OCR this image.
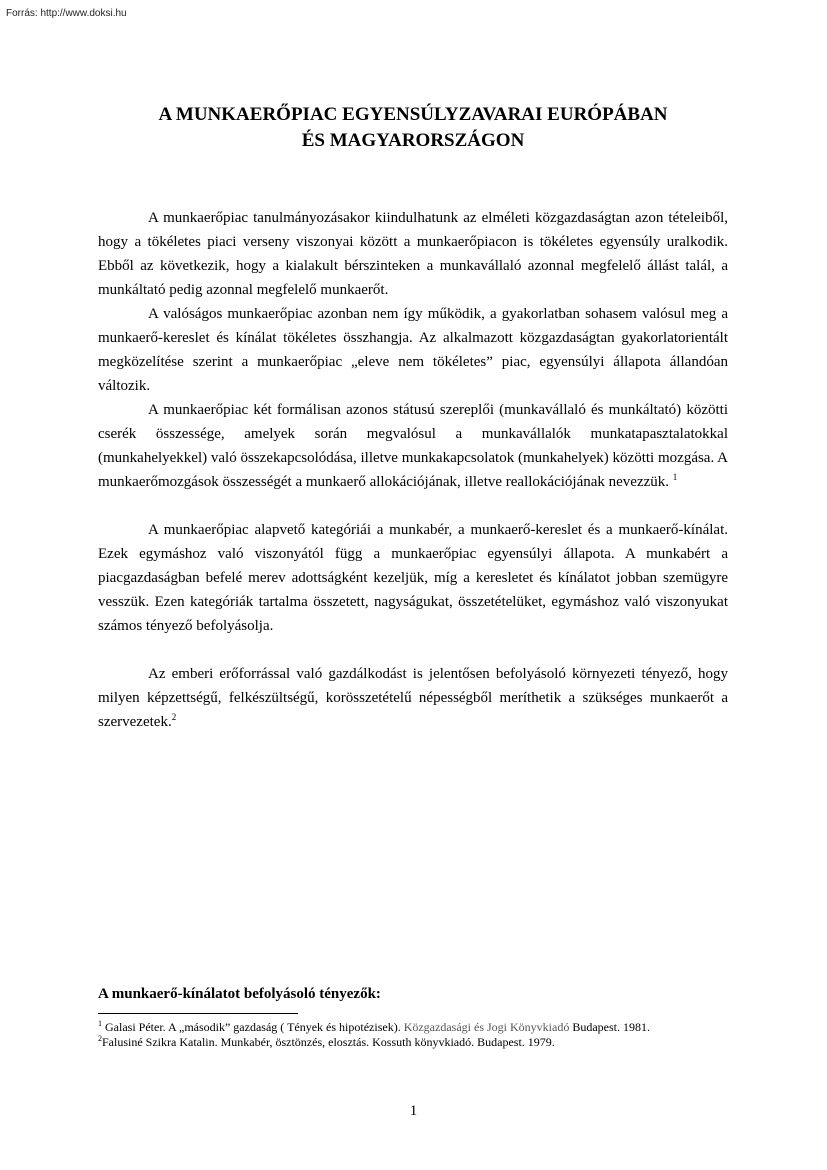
Forrás: http://www.doksi.hu
A MUNKAERŐPIAC EGYENSÚLYZAVARAI EURÓPÁBAN
ÉS MAGYARORSZÁGON

A munkaerőpiac tanulmányozásakor kiindulhatunk az elméleti közgazdaságtan azon tételeiből, hogy a tökéletes piaci verseny viszonyai között a munkaerőpiacon is tökéletes egyensúly uralkodik. Ebből az következik, hogy a kialakult bérszinteken a munkavállaló azonnal megfelelő állást talál, a munkáltató pedig azonnal megfelelő munkaerőt.

A valóságos munkaerőpiac azonban nem így működik, a gyakorlatban sohasem valósul meg a munkaerő-kereslet és kínálat tökéletes összhangja. Az alkalmazott közgazdaságtan gyakorlatorientált megközelítése szerint a munkaerőpiac „eleve nem tökéletes” piac, egyensúlyi állapota állandóan változik.

A munkaerőpiac két formálisan azonos státusú szereplői (munkavállaló és munkáltató) közötti cserék összessége, amelyek során megvalósul a munkavállalók munkatapasztalatokkal (munkahelyekkel) való összekapcsolódása, illetve munkakapcsolatok (munkahelyek) közötti mozgása. A munkaerőmozgások összességét a munkaerő allokációjának, illetve reallokációjának nevezzük. $^1$

A munkaerőpiac alapvető kategóriái a munkabér, a munkaerő-kereslet és a munkaerő-kínálat. Ezek egymáshoz való viszonyától függ a munkaerőpiac egyensúlyi állapota. A munkabért a piacgazdaságban befelé merev adottságként kezeljük, míg a keresletet és kínálatot jobban szemügyre vesszük. Ezen kategóriák tartalma összetett, nagyságukat, összetételüket, egymáshoz való viszonyukat számos tényező befolyásolja.

Az emberi erőforrással való gazdálkodást is jelentősen befolyásoló környezeti tényező, hogy milyen képzettségű, felkészültségű, korösszetételű népességből meríthetik a szükséges munkaerőt a szervezetek.$^2$

A munkaerő-kínálatot befolyásoló tényezők:

$^1$ Galasi Péter. A „második” gazdaság ( Tények és hipotézisek). Közgazdasági és Jogi Könyvkiadó Budapest. 1981.

$^2$Falusiné Szikra Katalin. Munkabér, ösztönzés, elosztás. Kossuth könyvkiadó. Budapest. 1979.

1
